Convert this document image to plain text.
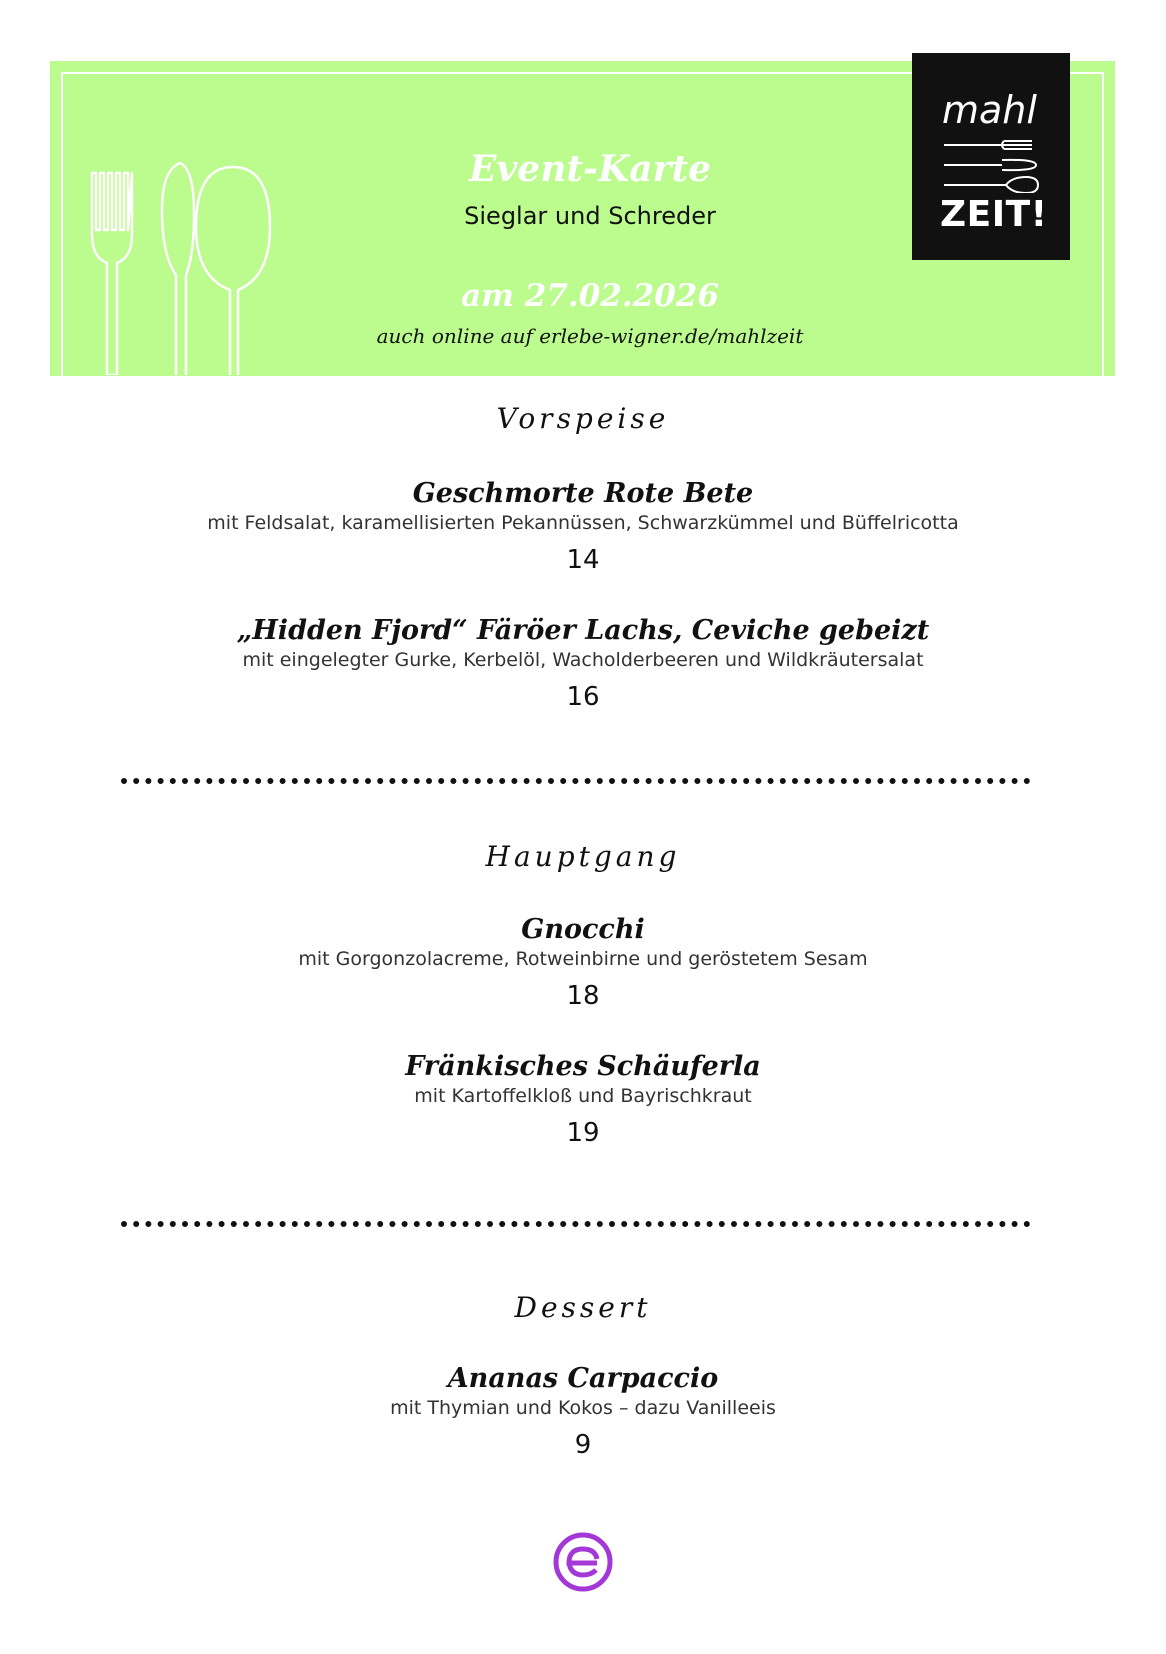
mahl
ZEIT!
Event-Karte
Sieglar und Schreder
am 27.02.2026
auch online auf erlebe-wigner.de/mahlzeit
Vorspeise
Geschmorte Rote Bete
mit Feldsalat, karamellisierten Pekannüssen, Schwarzkümmel und Büffelricotta
14
„Hidden Fjord“ Färöer Lachs, Ceviche gebeizt
mit eingelegter Gurke, Kerbelöl, Wacholderbeeren und Wildkräutersalat
16
Hauptgang
Gnocchi
mit Gorgonzolacreme, Rotweinbirne und geröstetem Sesam
18
Fränkisches Schäuferla
mit Kartoffelkloß und Bayrischkraut
19
Dessert
Ananas Carpaccio
mit Thymian und Kokos – dazu Vanilleeis
9
